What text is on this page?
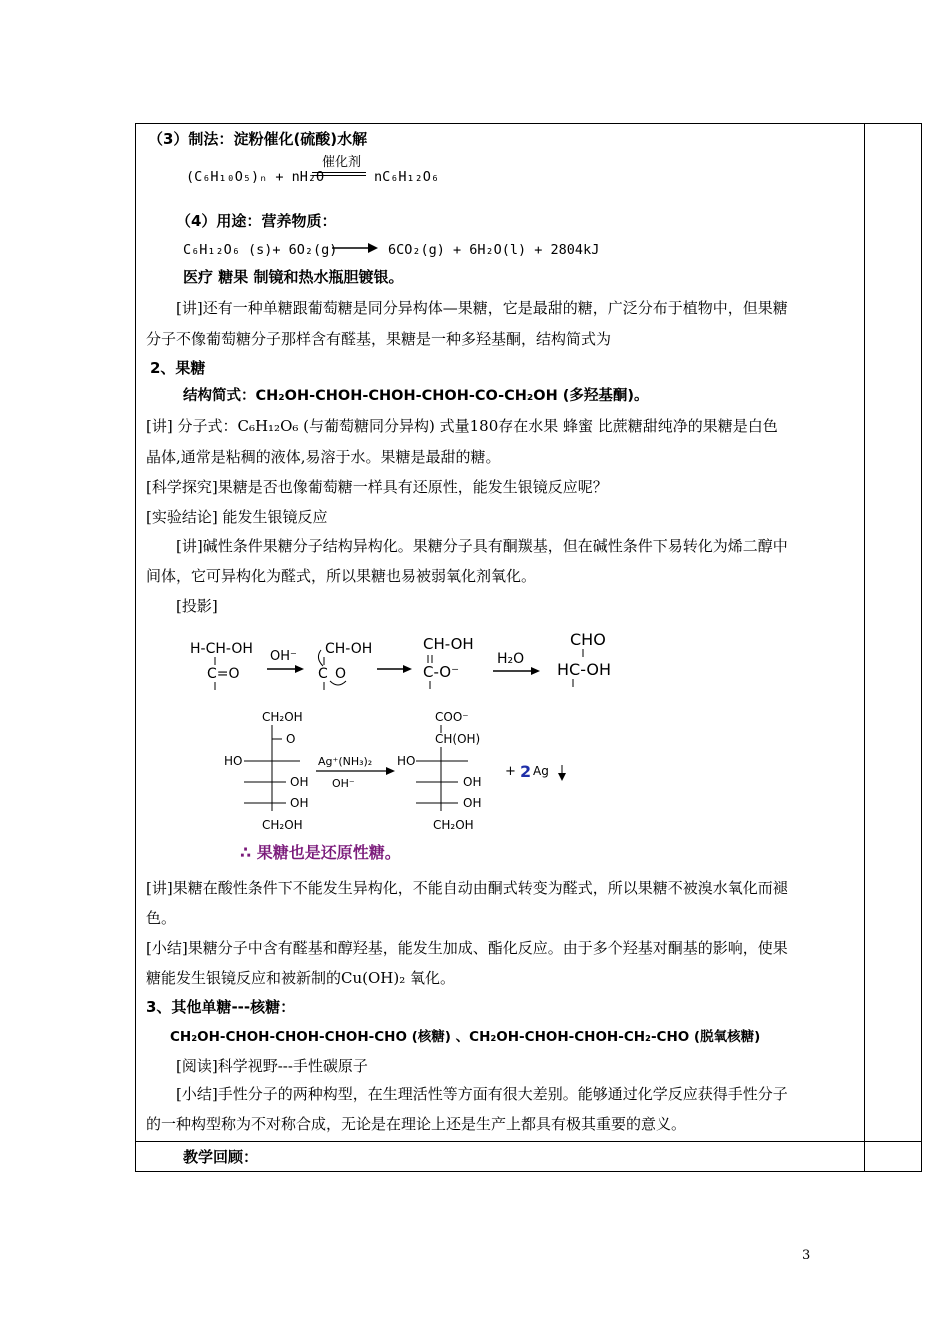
（3）制法：淀粉催化(硫酸)水解
(C₆H₁₀O₅)ₙ + nH₂O
催化剂
nC₆H₁₂O₆
（4）用途：营养物质：
C₆H₁₂O₆ (s)+ 6O₂(g) → 6CO₂(g) + 6H₂O(l) + 2804kJ
医疗 糖果 制镜和热水瓶胆镀银。
[讲]还有一种单糖跟葡萄糖是同分异构体—果糖，它是最甜的糖，广泛分布于植物中，但果糖
分子不像葡萄糖分子那样含有醛基，果糖是一种多羟基酮，结构简式为
2、果糖
结构简式：CH₂OH-CHOH-CHOH-CHOH-CO-CH₂OH (多羟基酮)。
[讲] 分子式：C₆H₁₂O₆ (与葡萄糖同分异构) 式量180存在水果 蜂蜜 比蔗糖甜纯净的果糖是白色
晶体,通常是粘稠的液体,易溶于水。果糖是最甜的糖。
[科学探究]果糖是否也像葡萄糖一样具有还原性，能发生银镜反应呢？
[实验结论] 能发生银镜反应
[讲]碱性条件果糖分子结构异构化。果糖分子具有酮羰基，但在碱性条件下易转化为烯二醇中
间体，它可异构化为醛式，所以果糖也易被弱氧化剂氧化。
[投影]
H-CH-OH
C=O
OH⁻ CH-OH
C O
CH-OH
C-O⁻
H₂O
CHO
HC-OH
CH₂OH
O
HO
OH
OH
CH₂OH
Ag⁺(NH₃)₂
OH⁻
COO⁻
CH(OH)
HO
OH
OH
CH₂OH
+ 2 Ag
∴ 果糖也是还原性糖。
[讲]果糖在酸性条件下不能发生异构化，不能自动由酮式转变为醛式，所以果糖不被溴水氧化而褪
色。
[小结]果糖分子中含有醛基和醇羟基，能发生加成、酯化反应。由于多个羟基对酮基的影响，使果
糖能发生银镜反应和被新制的Cu(OH)₂ 氧化。
3、其他单糖---核糖：
CH₂OH-CHOH-CHOH-CHOH-CHO (核糖) 、CH₂OH-CHOH-CHOH-CH₂-CHO (脱氧核糖)
[阅读]科学视野---手性碳原子
[小结]手性分子的两种构型，在生理活性等方面有很大差别。能够通过化学反应获得手性分子
的一种构型称为不对称合成，无论是在理论上还是生产上都具有极其重要的意义。
教学回顾：
3
